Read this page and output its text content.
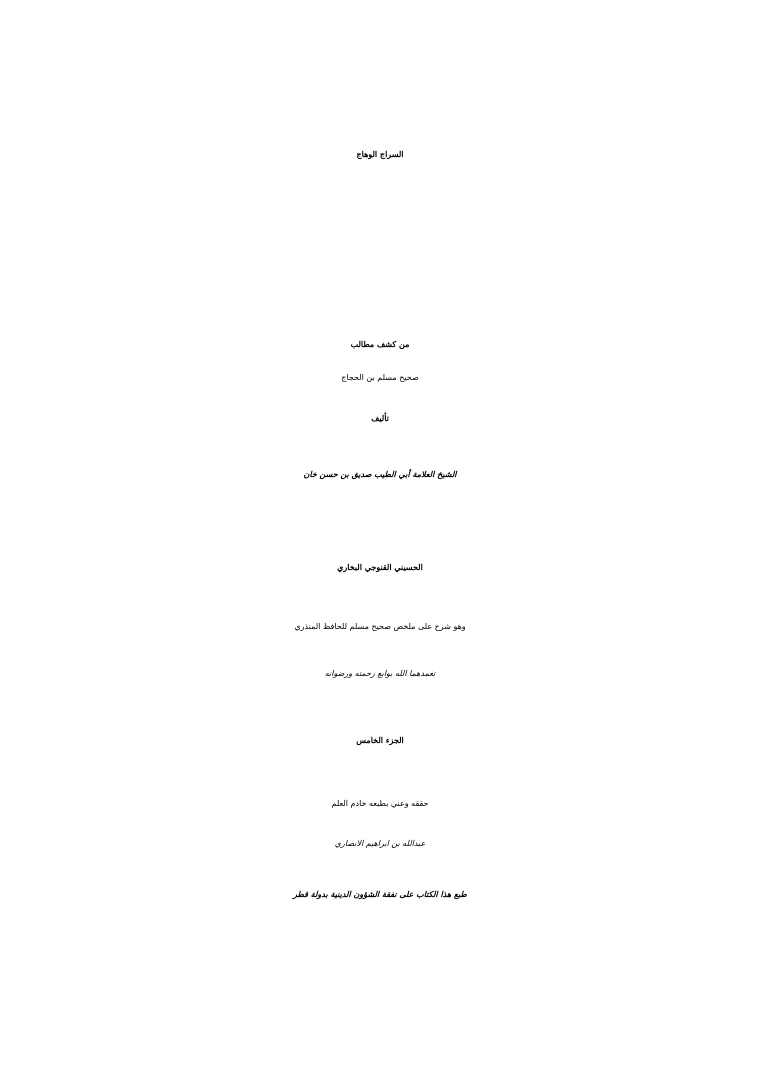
السراج الوهاج
من كشف مطالب
صحيح مسلم بن الحجاج
تأليف
الشيخ العلامة أبي الطيب صديق بن حسن خان
الحسيني القنوجي البخاري
وهو شرح على ملخص صحيح مسلم للحافظ المنذري
تغمدهما الله بوابع رحمته ورضوانه
الجزء الخامس
حققه وعني بطبعه خادم العلم
عبدالله بن ابراهيم الانصاري
طبع هذا الكتاب على نفقة الشؤون الدينية بدولة قطر
